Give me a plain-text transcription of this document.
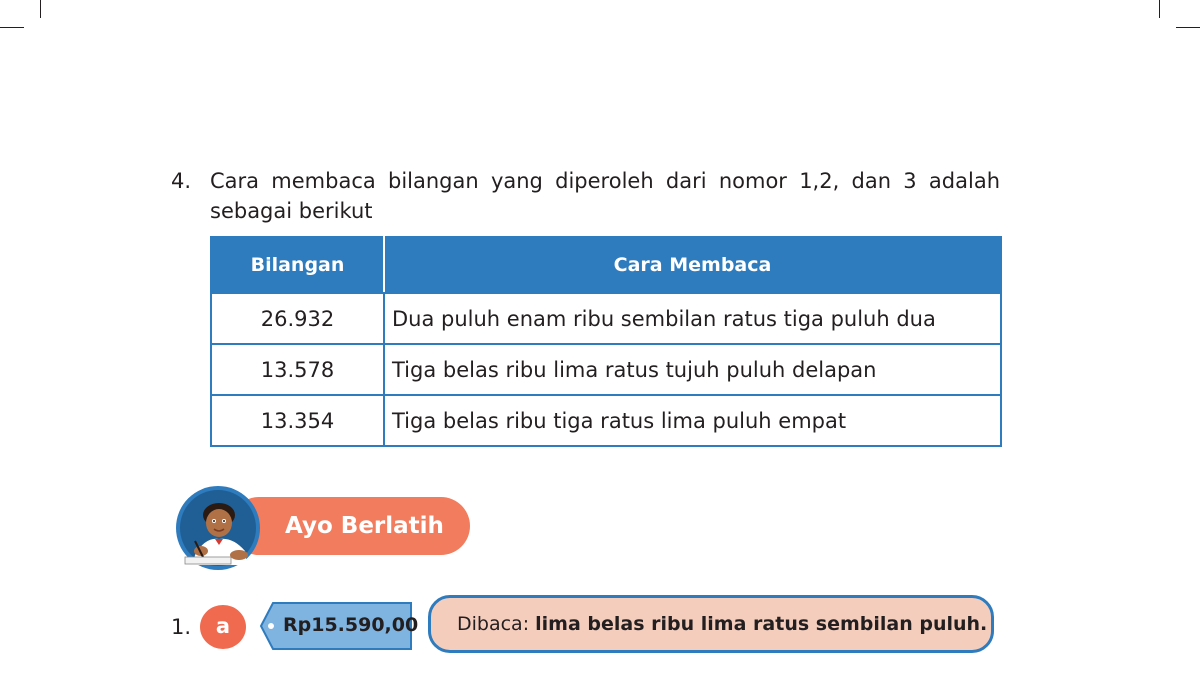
4. Cara membaca bilangan yang diperoleh dari nomor 1,2, dan 3 adalah sebagai berikut
Bilangan	Cara Membaca
26.932	Dua puluh enam ribu sembilan ratus tiga puluh dua
13.578	Tiga belas ribu lima ratus tujuh puluh delapan
13.354	Tiga belas ribu tiga ratus lima puluh empat
Ayo Berlatih
1.	a	Rp15.590,00 Dibaca: lima belas ribu lima ratus sembilan puluh.
